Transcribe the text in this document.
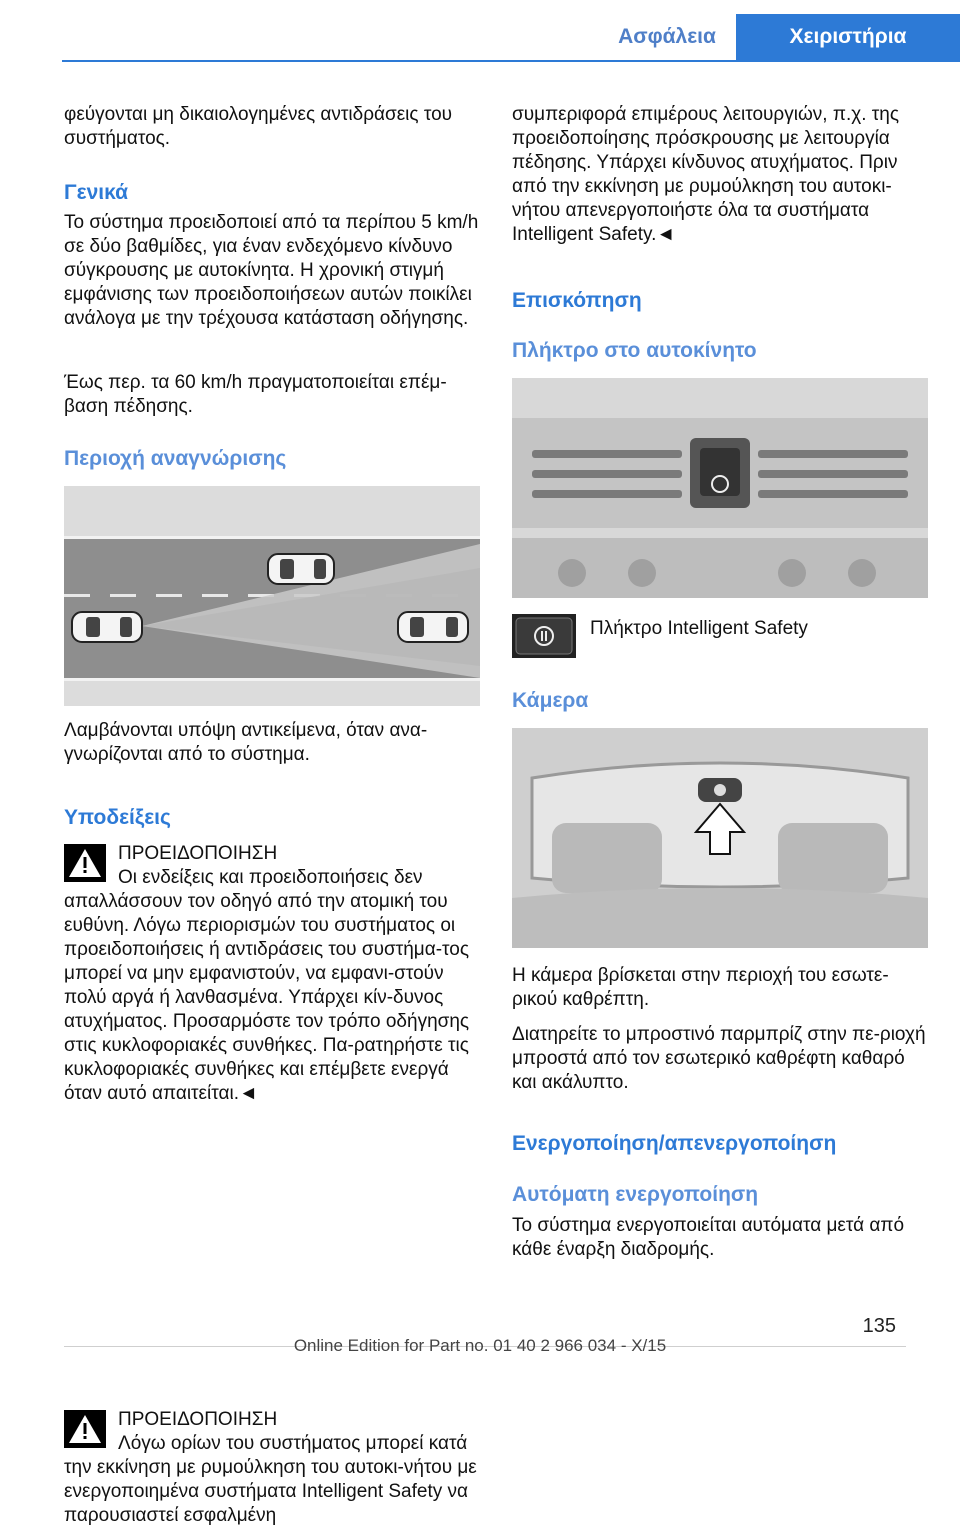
Ασφάλεια	Χειριστήρια
φεύγονται μη δικαιολογημένες αντιδράσεις του συστήματος.
Γενικά
Το σύστημα προειδοποιεί από τα περίπου 5 km/h σε δύο βαθμίδες, για έναν ενδεχόμενο κίνδυνο σύγκρουσης με αυτοκίνητα. Η χρονική στιγμή εμφάνισης των προειδοποιήσεων αυτών ποικίλει ανάλογα με την τρέχουσα κατάσταση οδήγησης.
Έως περ. τα 60 km/h πραγματοποιείται επέμ-βαση πέδησης.
Περιοχή αναγνώρισης
Λαμβάνονται υπόψη αντικείμενα, όταν ανα-γνωρίζονται από το σύστημα.
Υποδείξεις

ΠΡΟΕΙΔΟΠΟΙΗΣΗ

Οι ενδείξεις και προειδοποιήσεις δεν απαλλάσσουν τον οδηγό από την ατομική του ευθύνη. Λόγω περιορισμών του συστήματος οι προειδοποιήσεις ή αντιδράσεις του συστήμα-τος μπορεί να μην εμφανιστούν, να εμφανι-στούν πολύ αργά ή λανθασμένα. Υπάρχει κίν-δυνος ατυχήματος. Προσαρμόστε τον τρόπο οδήγησης στις κυκλοφοριακές συνθήκες. Πα-ρατηρήστε τις κυκλοφοριακές συνθήκες και επέμβετε ενεργά όταν αυτό απαιτείται.◄

ΠΡΟΕΙΔΟΠΟΙΗΣΗ

Λόγω ορίων του συστήματος μπορεί κατά την εκκίνηση με ρυμούλκηση του αυτοκι-νήτου με ενεργοποιημένα συστήματα Intelligent Safety να παρουσιαστεί εσφαλμένη

συμπεριφορά επιμέρους λειτουργιών, π.χ. της προειδοποίησης πρόσκρουσης με λειτουργία πέδησης. Υπάρχει κίνδυνος ατυχήματος. Πριν από την εκκίνηση με ρυμούλκηση του αυτοκι-νήτου απενεργοποιήστε όλα τα συστήματα Intelligent Safety.◄
Επισκόπηση
Πλήκτρο στο αυτοκίνητο
Πλήκτρο Intelligent Safety
Κάμερα
Η κάμερα βρίσκεται στην περιοχή του εσωτε-ρικού καθρέπτη.
Διατηρείτε το μπροστινό παρμπρίζ στην πε-ριοχή μπροστά από τον εσωτερικό καθρέφτη καθαρό και ακάλυπτο.
Ενεργοποίηση/απενεργοποίηση
Αυτόματη ενεργοποίηση
Το σύστημα ενεργοποιείται αυτόματα μετά από κάθε έναρξη διαδρομής.
135
Online Edition for Part no. 01 40 2 966 034 - X/15
